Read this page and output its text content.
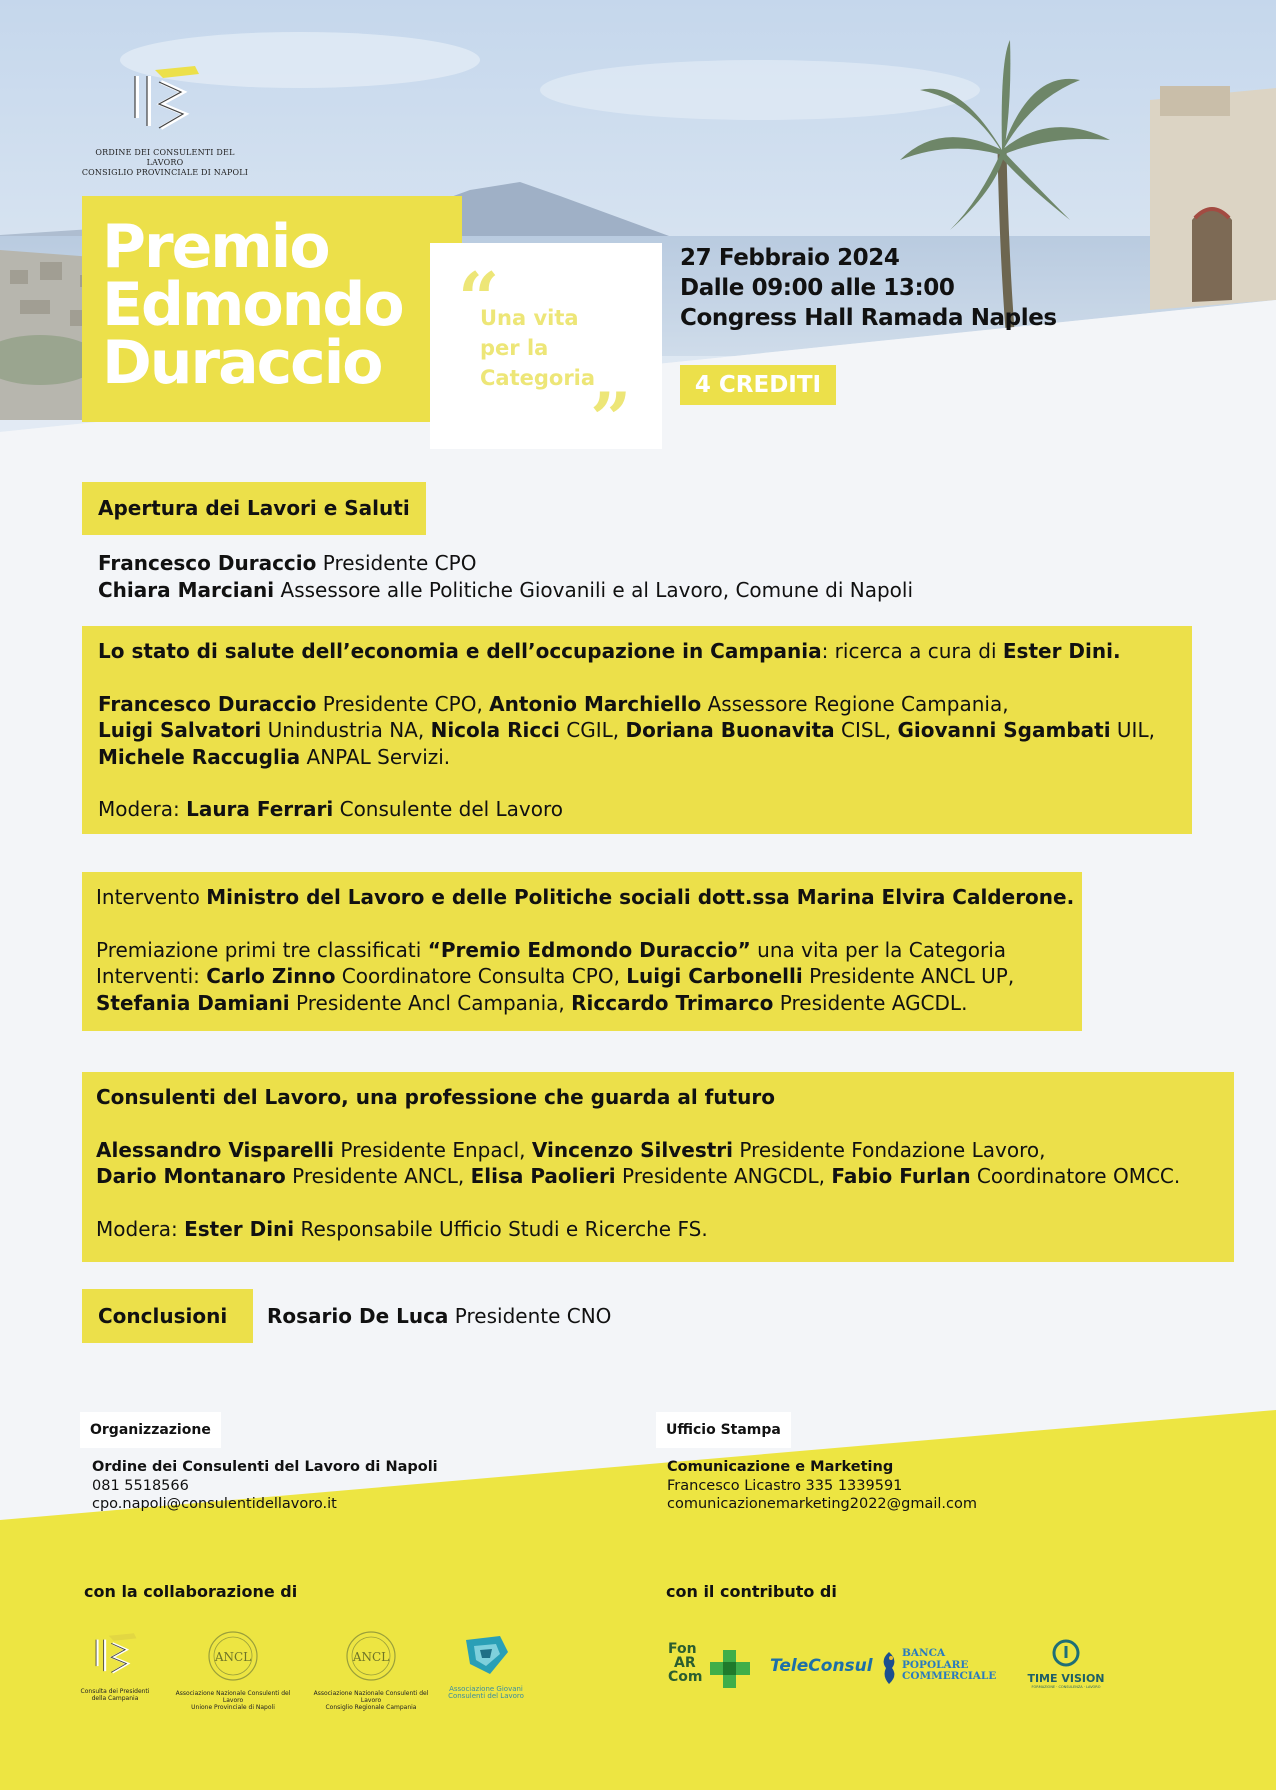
ORDINE DEI CONSULENTI DEL LAVORO
CONSIGLIO PROVINCIALE DI NAPOLI
Premio
Edmondo
Duraccio
“
Una vita
per la
Categoria
”
27 Febbraio 2024
Dalle 09:00 alle 13:00
Congress Hall Ramada Naples
4 CREDITI
Apertura dei Lavori e Saluti
Francesco Duraccio Presidente CPO
Chiara Marciani Assessore alle Politiche Giovanili e al Lavoro, Comune di Napoli
Lo stato di salute dell’economia e dell’occupazione in Campania: ricerca a cura di Ester Dini.
Francesco Duraccio Presidente CPO, Antonio Marchiello Assessore Regione Campania,
Luigi Salvatori Unindustria NA, Nicola Ricci CGIL, Doriana Buonavita CISL, Giovanni Sgambati UIL,
Michele Raccuglia ANPAL Servizi.
Modera: Laura Ferrari Consulente del Lavoro
Intervento Ministro del Lavoro e delle Politiche sociali dott.ssa Marina Elvira Calderone.
Premiazione primi tre classificati “Premio Edmondo Duraccio” una vita per la Categoria
Interventi: Carlo Zinno Coordinatore Consulta CPO, Luigi Carbonelli Presidente ANCL UP,
Stefania Damiani Presidente Ancl Campania, Riccardo Trimarco Presidente AGCDL.
Consulenti del Lavoro, una professione che guarda al futuro
Alessandro Visparelli Presidente Enpacl, Vincenzo Silvestri Presidente Fondazione Lavoro,
Dario Montanaro Presidente ANCL, Elisa Paolieri Presidente ANGCDL, Fabio Furlan Coordinatore OMCC.
Modera: Ester Dini Responsabile Ufficio Studi e Ricerche FS.
Conclusioni	Rosario De Luca Presidente CNO
Organizzazione
Ordine dei Consulenti del Lavoro di Napoli
081 5518566
cpo.napoli@consulentidellavoro.it
Ufficio Stampa
Comunicazione e Marketing
Francesco Licastro 335 1339591
comunicazionemarketing2022@gmail.com
con la collaborazione di	con il contributo di
Consulta dei Presidenti
della Campania
ANCL
Associazione Nazionale Consulenti del Lavoro
Unione Provinciale di Napoli
ANCL
Associazione Nazionale Consulenti del Lavoro
Consiglio Regionale Campania
Associazione Giovani
Consulenti del Lavoro
Fon
AR
Com
TeleConsul
BANCA
POPOLARE
COMMERCIALE	TIME VISION
FORMAZIONE · CONSULENZA · LAVORO
